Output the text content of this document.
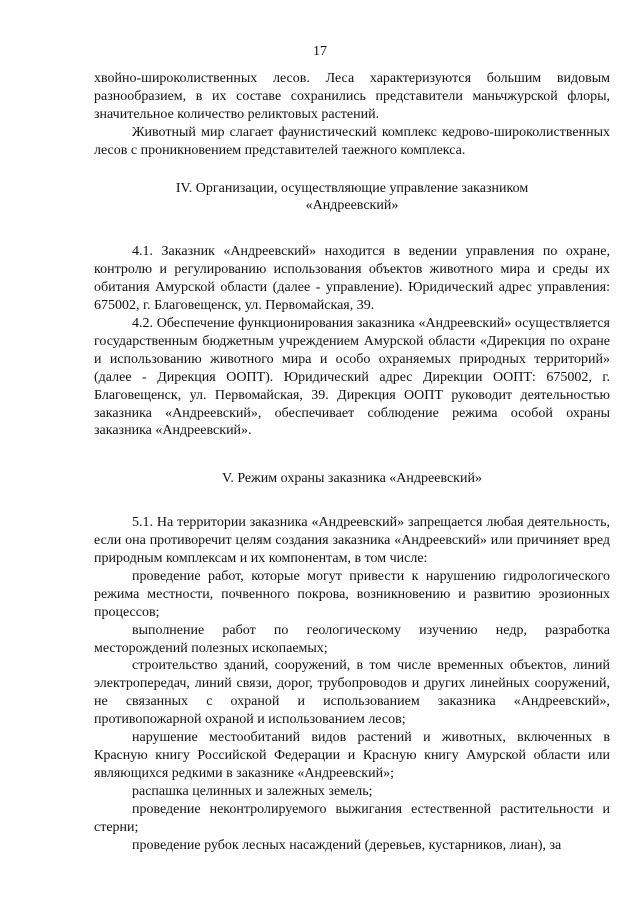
17

хвойно-широколиственных лесов. Леса характеризуются большим видовым разнообразием, в их составе сохранились представители маньчжурской флоры, значительное количество реликтовых растений.

Животный мир слагает фаунистический комплекс кедрово-широколиственных лесов с проникновением представителей таежного комплекса.

IV. Организации, осуществляющие управление заказником
«Андреевский»

4.1. Заказник «Андреевский» находится в ведении управления по охране, контролю и регулированию использования объектов животного мира и среды их обитания Амурской области (далее - управление). Юридический адрес управления: 675002, г. Благовещенск, ул. Первомайская, 39.

4.2. Обеспечение функционирования заказника «Андреевский» осуществляется государственным бюджетным учреждением Амурской области «Дирекция по охране и использованию животного мира и особо охраняемых природных территорий» (далее - Дирекция ООПТ). Юридический адрес Дирекции ООПТ: 675002, г. Благовещенск, ул. Первомайская, 39. Дирекция ООПТ руководит деятельностью заказника «Андреевский», обеспечивает соблюдение режима особой охраны заказника «Андреевский».

V. Режим охраны заказника «Андреевский»

5.1. На территории заказника «Андреевский» запрещается любая деятельность, если она противоречит целям создания заказника «Андреевский» или причиняет вред природным комплексам и их компонентам, в том числе:

проведение работ, которые могут привести к нарушению гидрологического режима местности, почвенного покрова, возникновению и развитию эрозионных процессов;

выполнение работ по геологическому изучению недр, разработка месторождений полезных ископаемых;

строительство зданий, сооружений, в том числе временных объектов, линий электропередач, линий связи, дорог, трубопроводов и других линейных сооружений, не связанных с охраной и использованием заказника «Андреевский», противопожарной охраной и использованием лесов;

нарушение местообитаний видов растений и животных, включенных в Красную книгу Российской Федерации и Красную книгу Амурской области или являющихся редкими в заказнике «Андреевский»;

распашка целинных и залежных земель;

проведение неконтролируемого выжигания естественной растительности и стерни;

проведение рубок лесных насаждений (деревьев, кустарников, лиан), за
